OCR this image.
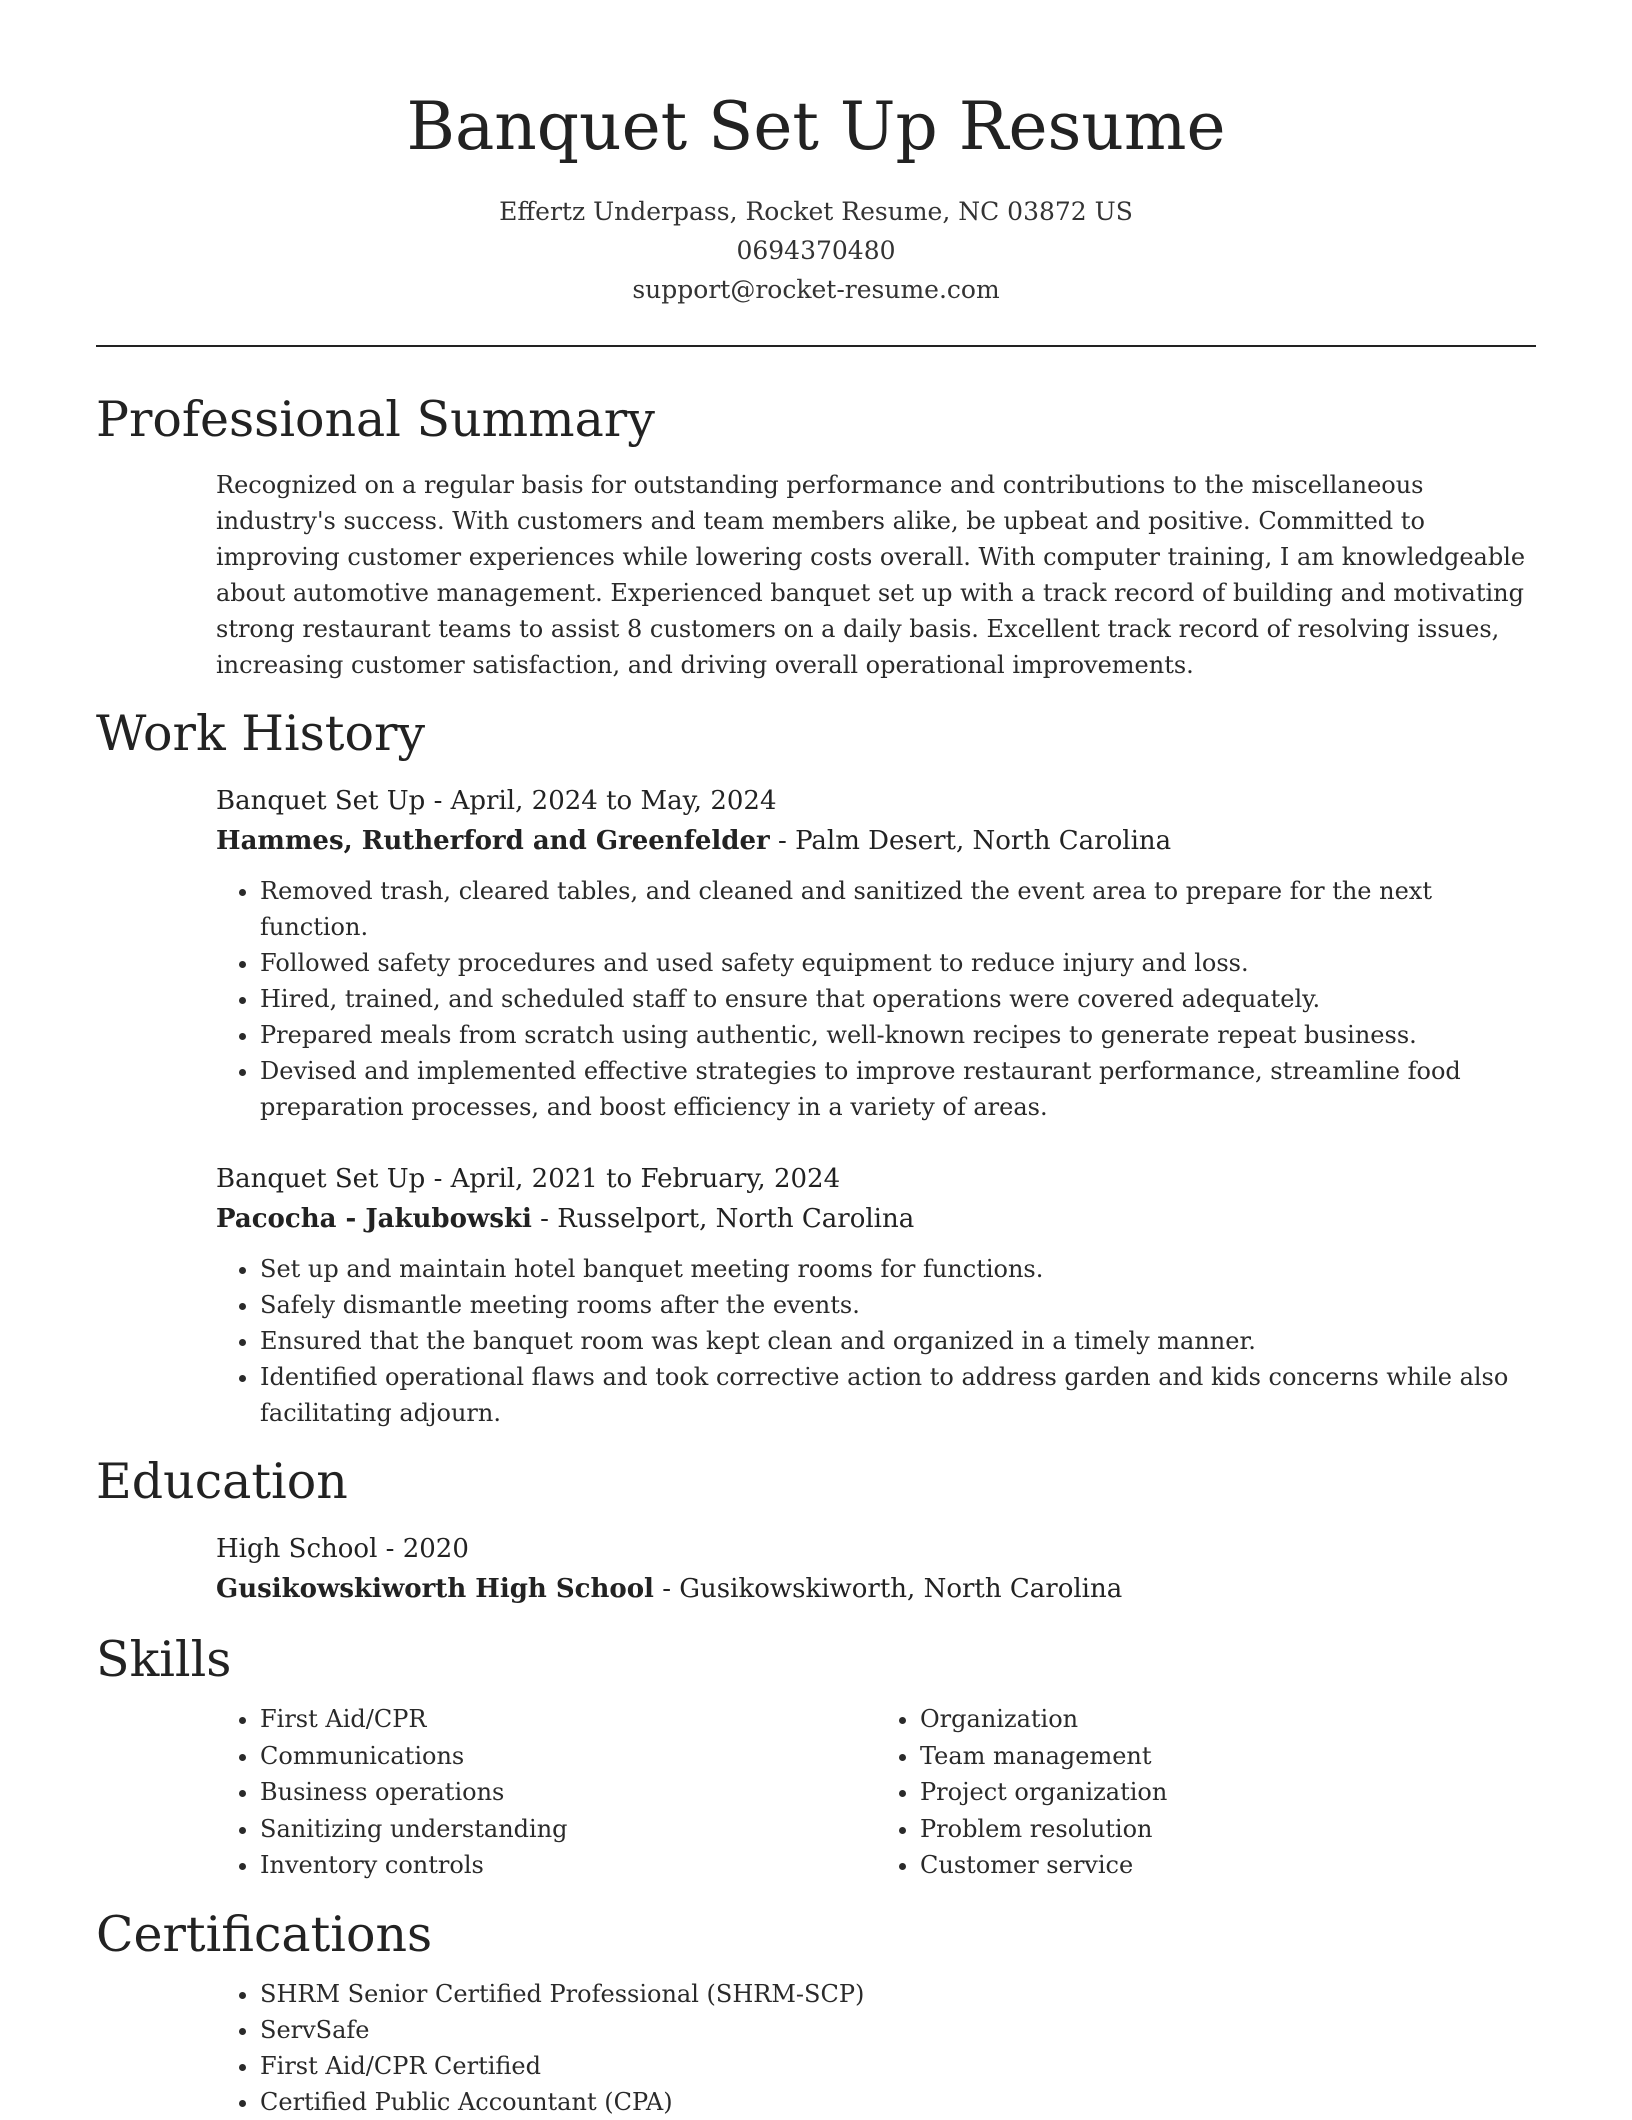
Banquet Set Up Resume
Effertz Underpass, Rocket Resume, NC 03872 US
0694370480
support@rocket-resume.com
Professional Summary

Recognized on a regular basis for outstanding performance and contributions to the miscellaneous industry's success. With customers and team members alike, be upbeat and positive. Committed to improving customer experiences while lowering costs overall. With computer training, I am knowledgeable about automotive management. Experienced banquet set up with a track record of building and motivating strong restaurant teams to assist 8 customers on a daily basis. Excellent track record of resolving issues, increasing customer satisfaction, and driving overall operational improvements.

Work History
Banquet Set Up - April, 2024 to May, 2024
Hammes, Rutherford and Greenfelder - Palm Desert, North Carolina
• Removed trash, cleared tables, and cleaned and sanitized the event area to prepare for the next function.
• Followed safety procedures and used safety equipment to reduce injury and loss.
• Hired, trained, and scheduled staff to ensure that operations were covered adequately.
• Prepared meals from scratch using authentic, well-known recipes to generate repeat business.
• Devised and implemented effective strategies to improve restaurant performance, streamline food preparation processes, and boost efficiency in a variety of areas.
Banquet Set Up - April, 2021 to February, 2024
Pacocha - Jakubowski - Russelport, North Carolina
• Set up and maintain hotel banquet meeting rooms for functions.
• Safely dismantle meeting rooms after the events.
• Ensured that the banquet room was kept clean and organized in a timely manner.
• Identified operational flaws and took corrective action to address garden and kids concerns while also facilitating adjourn.
Education
High School - 2020
Gusikowskiworth High School - Gusikowskiworth, North Carolina
Skills
• First Aid/CPR
• Communications
• Business operations
• Sanitizing understanding
• Inventory controls
• Organization
• Team management
• Project organization
• Problem resolution
• Customer service
Certifications
• SHRM Senior Certified Professional (SHRM-SCP)
• ServSafe
• First Aid/CPR Certified
• Certified Public Accountant (CPA)
